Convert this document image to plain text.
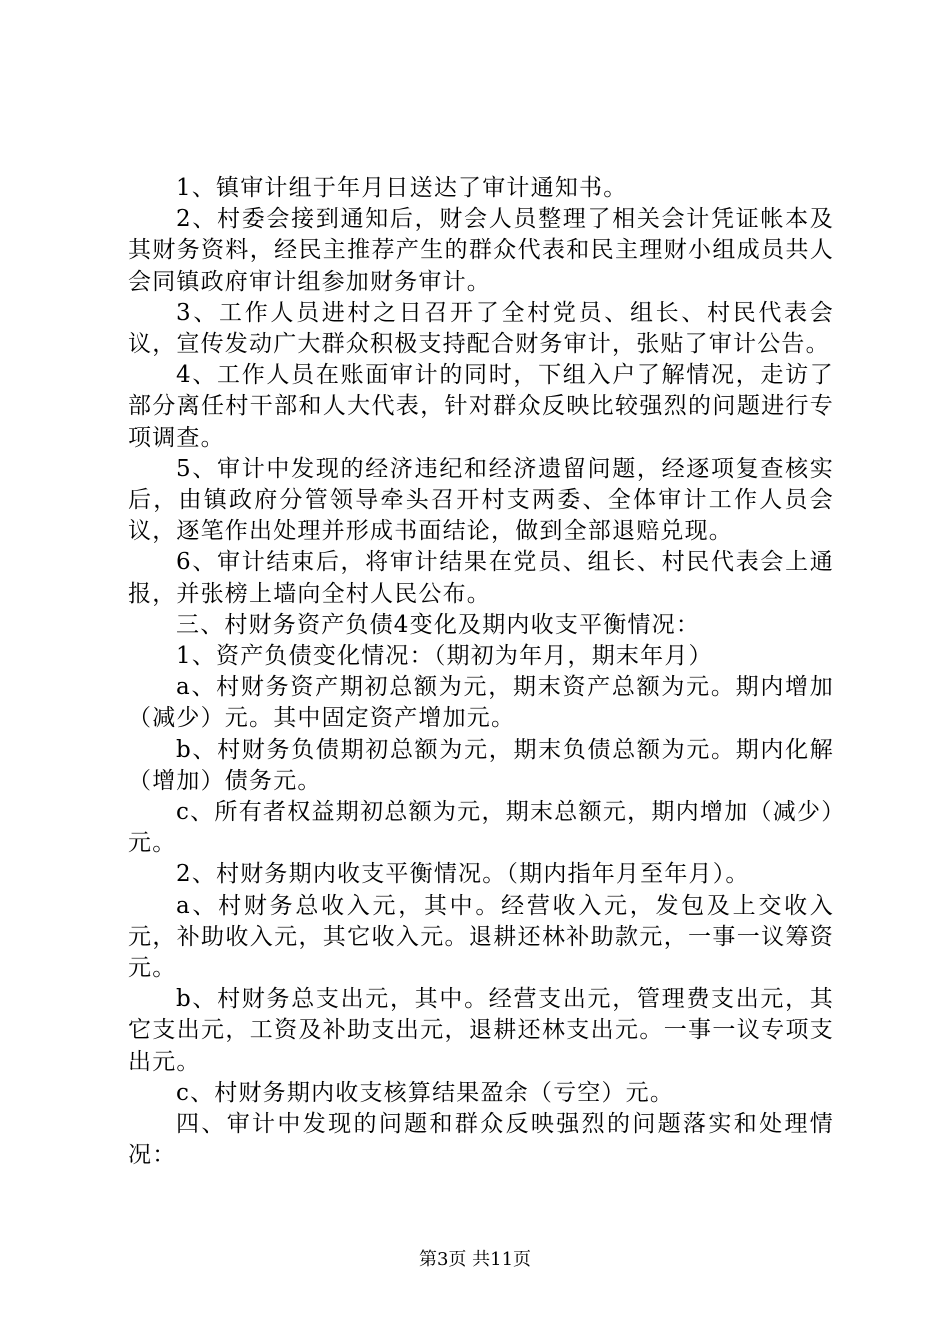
1、镇审计组于年月日送达了审计通知书。

2、村委会接到通知后，财会人员整理了相关会计凭证帐本及其财务资料，经民主推荐产生的群众代表和民主理财小组成员共人会同镇政府审计组参加财务审计。

3、工作人员进村之日召开了全村党员、组长、村民代表会议，宣传发动广大群众积极支持配合财务审计，张贴了审计公告。

4、工作人员在账面审计的同时，下组入户了解情况，走访了部分离任村干部和人大代表，针对群众反映比较强烈的问题进行专项调查。

5、审计中发现的经济违纪和经济遗留问题，经逐项复查核实后，由镇政府分管领导牵头召开村支两委、全体审计工作人员会议，逐笔作出处理并形成书面结论，做到全部退赔兑现。

6、审计结束后，将审计结果在党员、组长、村民代表会上通报，并张榜上墙向全村人民公布。

三、村财务资产负债4变化及期内收支平衡情况：

1、资产负债变化情况：（期初为年月，期末年月）

a、村财务资产期初总额为元，期末资产总额为元。期内增加（减少）元。其中固定资产增加元。

b、村财务负债期初总额为元，期末负债总额为元。期内化解（增加）债务元。

c、所有者权益期初总额为元，期末总额元，期内增加（减少）元。

2、村财务期内收支平衡情况。（期内指年月至年月）。

a、村财务总收入元，其中。经营收入元，发包及上交收入元，补助收入元，其它收入元。退耕还林补助款元，一事一议筹资元。

b、村财务总支出元，其中。经营支出元，管理费支出元，其它支出元，工资及补助支出元，退耕还林支出元。一事一议专项支出元。

c、村财务期内收支核算结果盈余（亏空）元。

四、审计中发现的问题和群众反映强烈的问题落实和处理情况：

第3页 共11页
